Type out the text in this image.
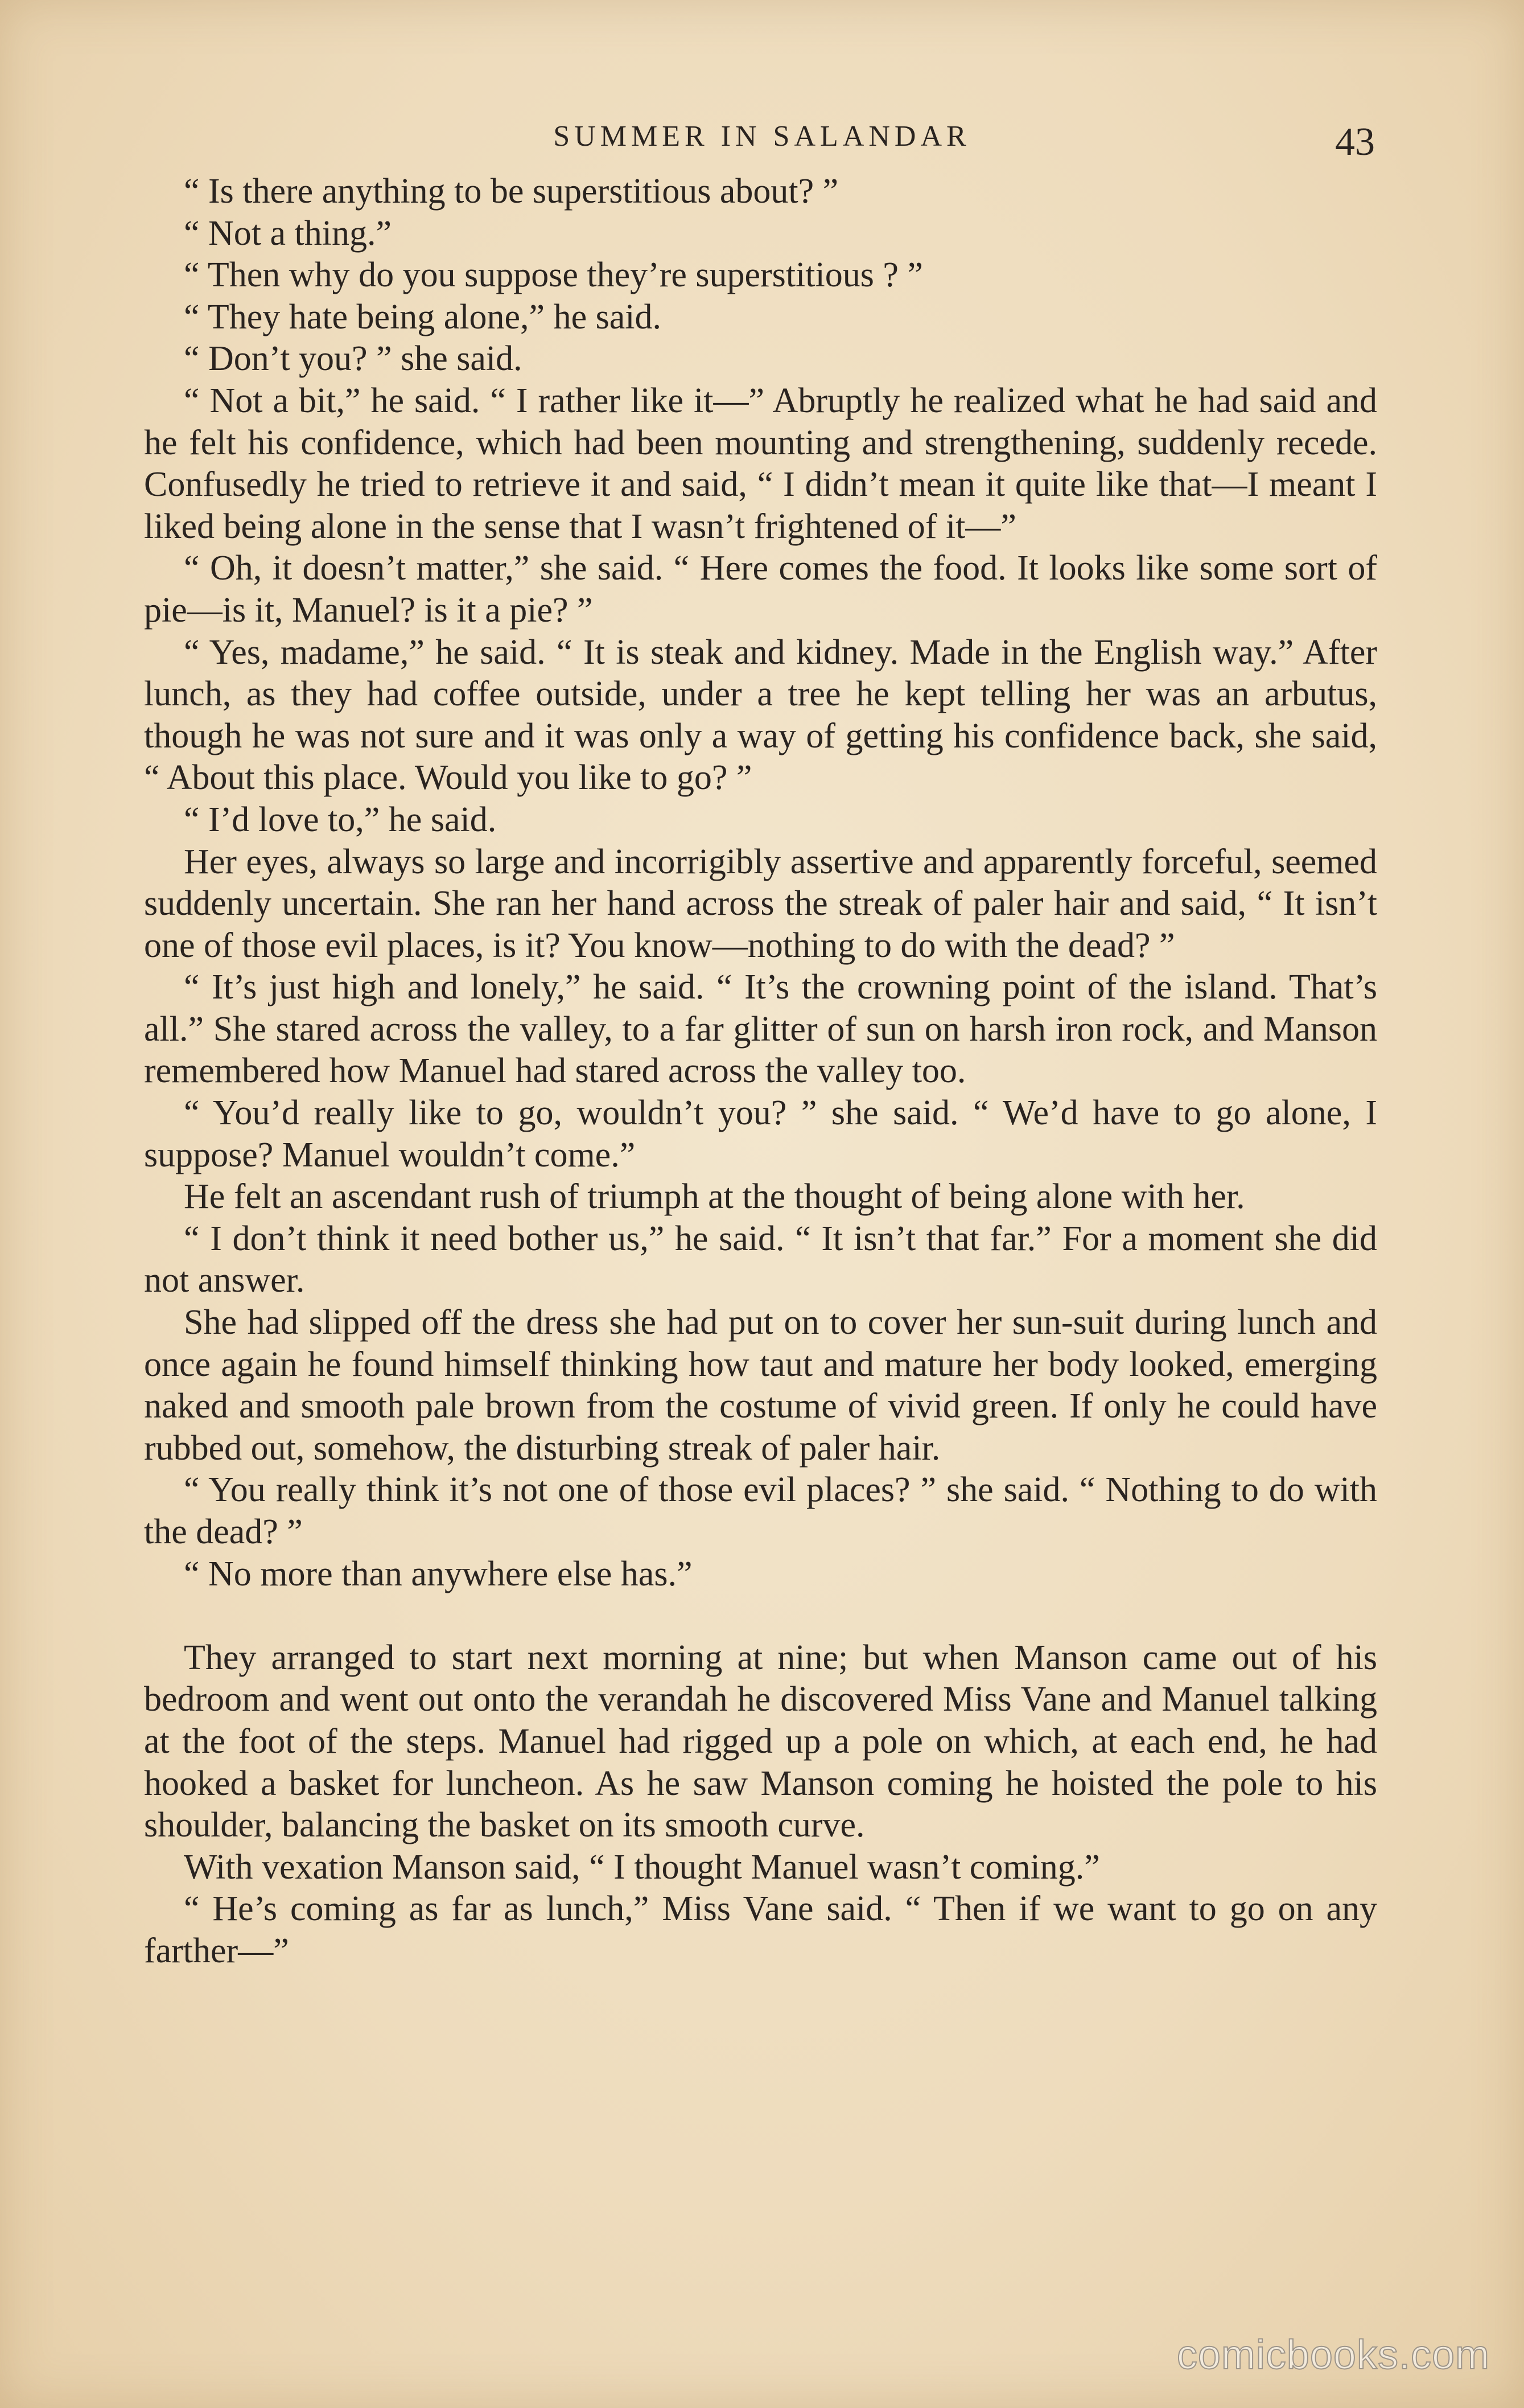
SUMMER IN SALANDAR	43

“ Is there anything to be superstitious about? ”

“ Not a thing.”

“ Then why do you suppose they’re superstitious ? ”

“ They hate being alone,” he said.

“ Don’t you? ” she said.

“ Not a bit,” he said. “ I rather like it—” Abruptly he realized what he had said and he felt his confidence, which had been mounting and strengthening, suddenly recede. Confusedly he tried to retrieve it and said, “ I didn’t mean it quite like that—I meant I liked being alone in the sense that I wasn’t frightened of it—”

“ Oh, it doesn’t matter,” she said. “ Here comes the food. It looks like some sort of pie—is it, Manuel? is it a pie? ”

“ Yes, madame,” he said. “ It is steak and kidney. Made in the English way.” After lunch, as they had coffee outside, under a tree he kept telling her was an arbutus, though he was not sure and it was only a way of getting his confidence back, she said, “ About this place. Would you like to go? ”

“ I’d love to,” he said.

Her eyes, always so large and incorrigibly assertive and apparently forceful, seemed suddenly uncertain. She ran her hand across the streak of paler hair and said, “ It isn’t one of those evil places, is it? You know—nothing to do with the dead? ”

“ It’s just high and lonely,” he said. “ It’s the crowning point of the island. That’s all.” She stared across the valley, to a far glitter of sun on harsh iron rock, and Manson remembered how Manuel had stared across the valley too.

“ You’d really like to go, wouldn’t you? ” she said. “ We’d have to go alone, I suppose? Manuel wouldn’t come.”

He felt an ascendant rush of triumph at the thought of being alone with her.

“ I don’t think it need bother us,” he said. “ It isn’t that far.” For a moment she did not answer.

She had slipped off the dress she had put on to cover her sun-suit during lunch and once again he found himself thinking how taut and mature her body looked, emerging naked and smooth pale brown from the costume of vivid green. If only he could have rubbed out, somehow, the disturbing streak of paler hair.

“ You really think it’s not one of those evil places? ” she said. “ Nothing to do with the dead? ”

“ No more than anywhere else has.”

They arranged to start next morning at nine; but when Manson came out of his bedroom and went out onto the verandah he discovered Miss Vane and Manuel talking at the foot of the steps. Manuel had rigged up a pole on which, at each end, he had hooked a basket for luncheon. As he saw Manson coming he hoisted the pole to his shoulder, balancing the basket on its smooth curve.

With vexation Manson said, “ I thought Manuel wasn’t coming.”

“ He’s coming as far as lunch,” Miss Vane said. “ Then if we want to go on any farther––”

comicbooks.com
